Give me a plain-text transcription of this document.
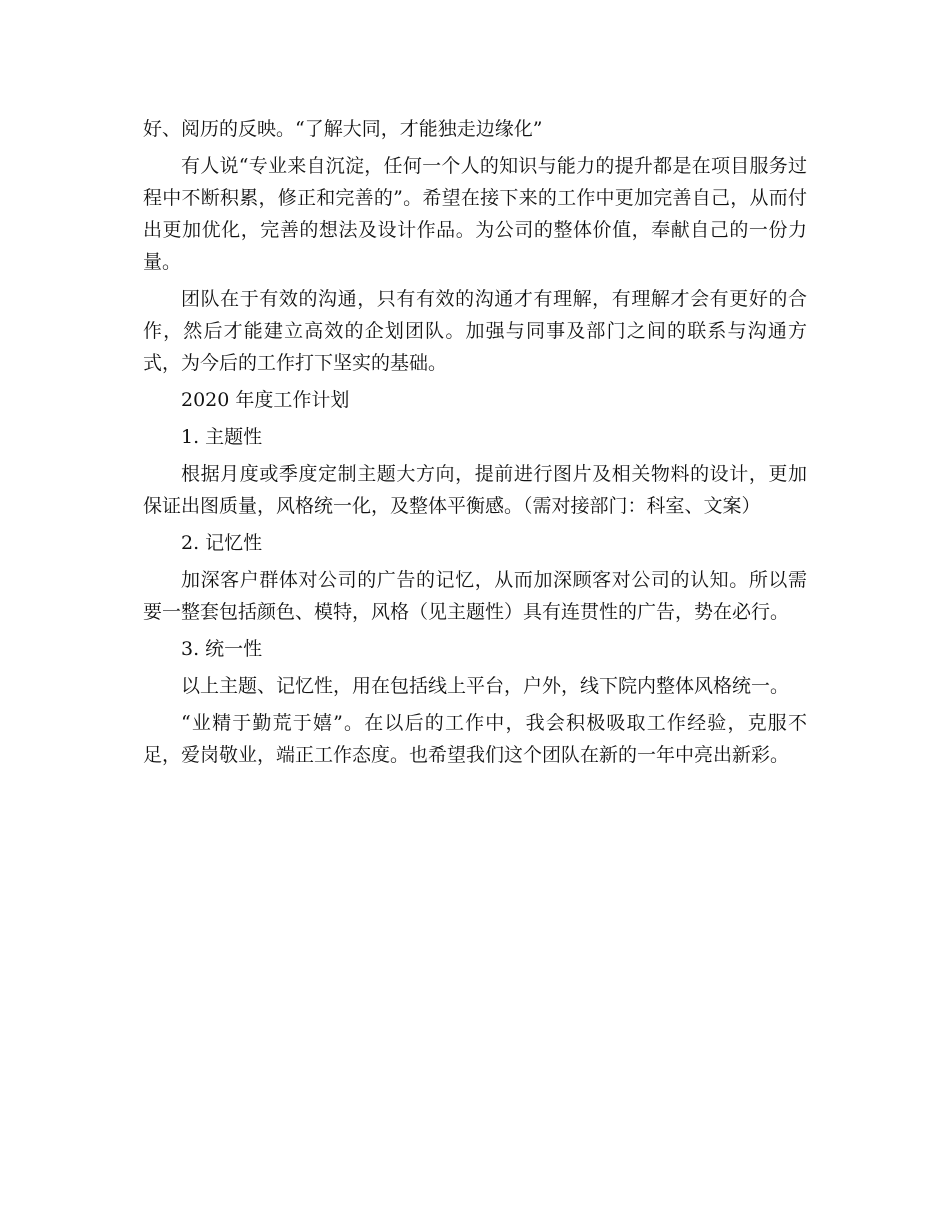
好、阅历的反映。“了解大同，才能独走边缘化”

有人说“专业来自沉淀，任何一个人的知识与能力的提升都是在项目服务过程中不断积累，修正和完善的”。希望在接下来的工作中更加完善自己，从而付出更加优化，完善的想法及设计作品。为公司的整体价值，奉献自己的一份力量。

团队在于有效的沟通，只有有效的沟通才有理解，有理解才会有更好的合作，然后才能建立高效的企划团队。加强与同事及部门之间的联系与沟通方式，为今后的工作打下坚实的基础。

2020 年度工作计划

1. 主题性

根据月度或季度定制主题大方向，提前进行图片及相关物料的设计，更加保证出图质量，风格统一化，及整体平衡感。（需对接部门：科室、文案）

2. 记忆性

加深客户群体对公司的广告的记忆，从而加深顾客对公司的认知。所以需要一整套包括颜色、模特，风格（见主题性）具有连贯性的广告，势在必行。

3. 统一性

以上主题、记忆性，用在包括线上平台，户外，线下院内整体风格统一。

“业精于勤荒于嬉”。在以后的工作中，我会积极吸取工作经验，克服不足，爱岗敬业，端正工作态度。也希望我们这个团队在新的一年中亮出新彩。
